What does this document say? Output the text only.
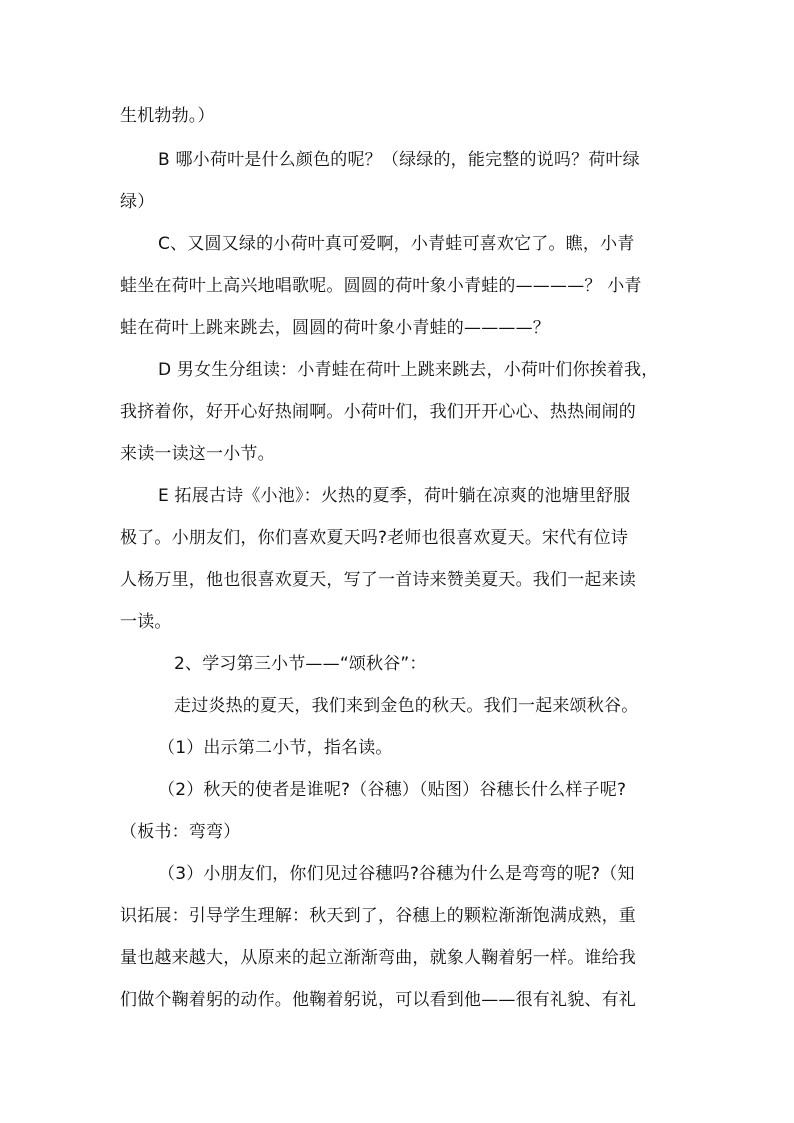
生机勃勃。）
B 哪小荷叶是什么颜色的呢？（绿绿的，能完整的说吗？荷叶绿
绿）
C、又圆又绿的小荷叶真可爱啊，小青蛙可喜欢它了。瞧，小青
蛙坐在荷叶上高兴地唱歌呢。圆圆的荷叶象小青蛙的————？ 小青
蛙在荷叶上跳来跳去，圆圆的荷叶象小青蛙的————？
D 男女生分组读：小青蛙在荷叶上跳来跳去，小荷叶们你挨着我，
我挤着你，好开心好热闹啊。小荷叶们，我们开开心心、热热闹闹的
来读一读这一小节。
E 拓展古诗《小池》：火热的夏季，荷叶躺在凉爽的池塘里舒服
极了。小朋友们，你们喜欢夏天吗?老师也很喜欢夏天。宋代有位诗
人杨万里，他也很喜欢夏天，写了一首诗来赞美夏天。我们一起来读
一读。
2、学习第三小节——“颂秋谷”：
走过炎热的夏天，我们来到金色的秋天。我们一起来颂秋谷。
（1）出示第二小节，指名读。
（2）秋天的使者是谁呢?（谷穗）（贴图）谷穗长什么样子呢?
（板书：弯弯）
（3）小朋友们，你们见过谷穗吗?谷穗为什么是弯弯的呢?（知
识拓展：引导学生理解：秋天到了，谷穗上的颗粒渐渐饱满成熟，重
量也越来越大，从原来的起立渐渐弯曲，就象人鞠着躬一样。谁给我
们做个鞠着躬的动作。他鞠着躬说，可以看到他——很有礼貌、有礼
